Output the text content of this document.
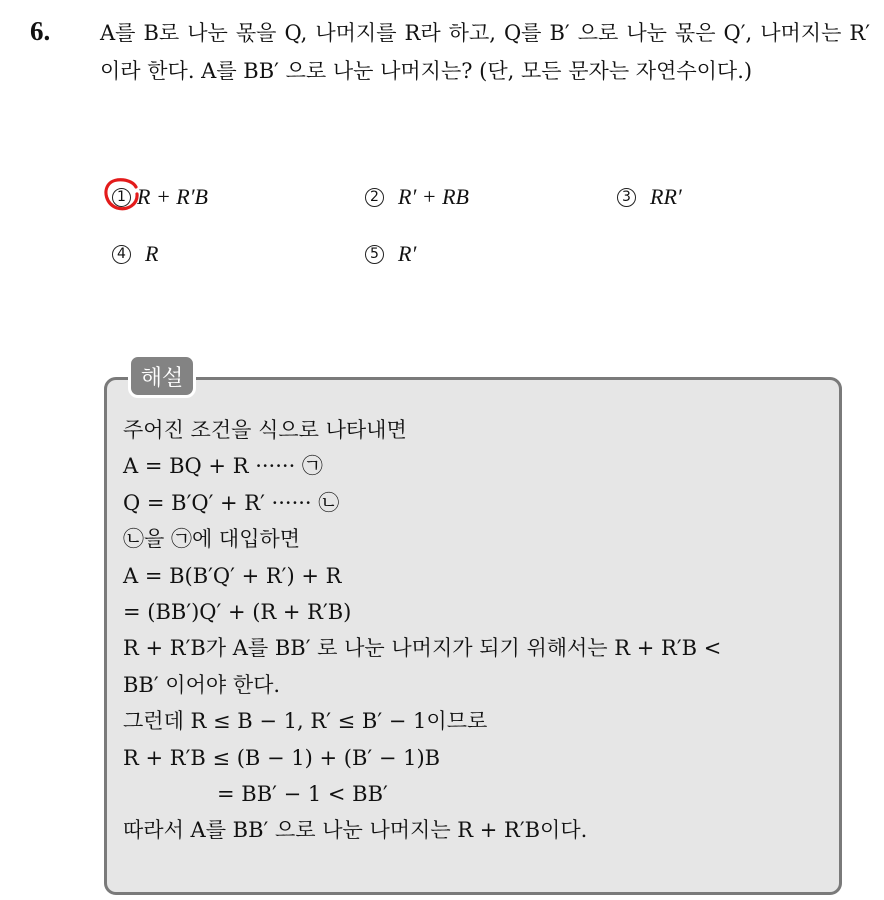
6. A를 B로 나눈 몫을 Q, 나머지를 R라 하고, Q를 B′ 으로 나눈 몫은 Q′, 나머지는 R′ 이라 한다. A를 BB′ 으로 나눈 나머지는? (단, 모든 문자는 자연수이다.)

1 R + R′B	2 R′ + RB	3 RR′
4 R	5 R′
해설
주어진 조건을 식으로 나타내면
A = BQ + R ······ ㉠
Q = B′Q′ + R′ ······ ㉡
㉡을 ㉠에 대입하면
A = B(B′Q′ + R′) + R
= (BB′)Q′ + (R + R′B)
R + R′B가 A를 BB′ 로 나눈 나머지가 되기 위해서는 R + R′B <
BB′ 이어야 한다.
그런데 R ≤ B − 1, R′ ≤ B′ − 1이므로
R + R′B ≤ (B − 1) + (B′ − 1)B
= BB′ − 1 < BB′
따라서 A를 BB′ 으로 나눈 나머지는 R + R′B이다.
